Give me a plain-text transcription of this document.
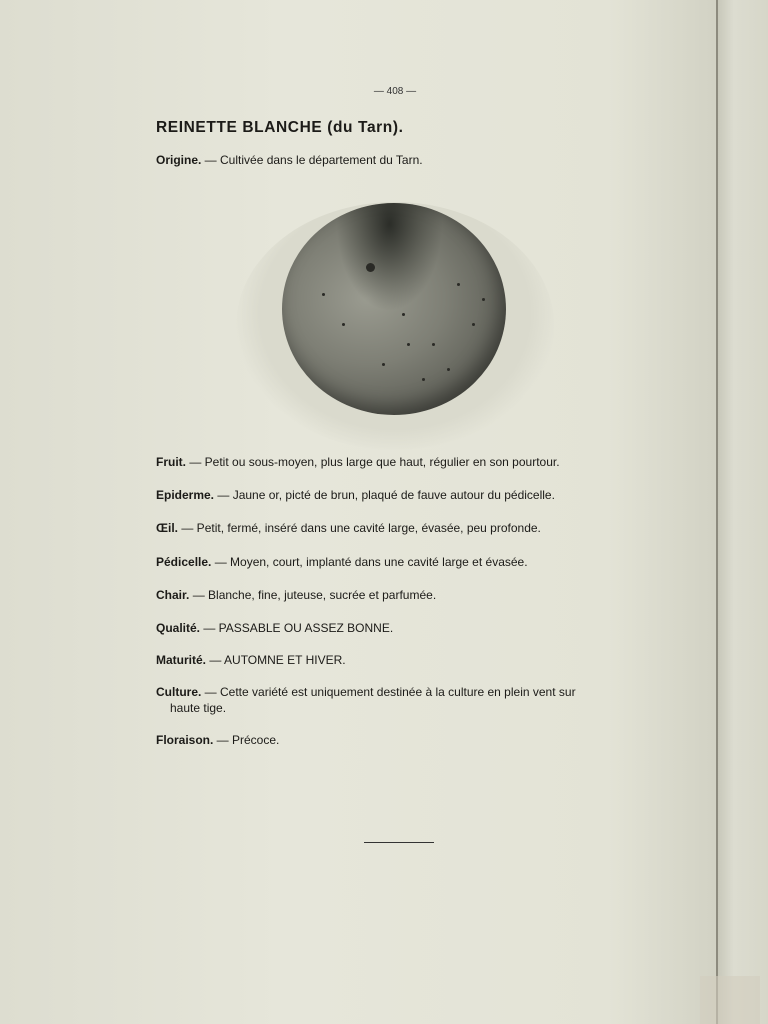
— 408 —
REINETTE BLANCHE (du Tarn).

Origine. — Cultivée dans le département du Tarn.

Fruit. — Petit ou sous-moyen, plus large que haut, régulier en son pourtour.

Epiderme. — Jaune or, picté de brun, plaqué de fauve autour du pédicelle.

Œil. — Petit, fermé, inséré dans une cavité large, évasée, peu profonde.

Pédicelle. — Moyen, court, implanté dans une cavité large et évasée.

Chair. — Blanche, fine, juteuse, sucrée et parfumée.

Qualité. — PASSABLE OU ASSEZ BONNE.

Maturité. — AUTOMNE ET HIVER.

Culture. — Cette variété est uniquement destinée à la culture en plein vent sur
haute tige.

Floraison. — Précoce.
